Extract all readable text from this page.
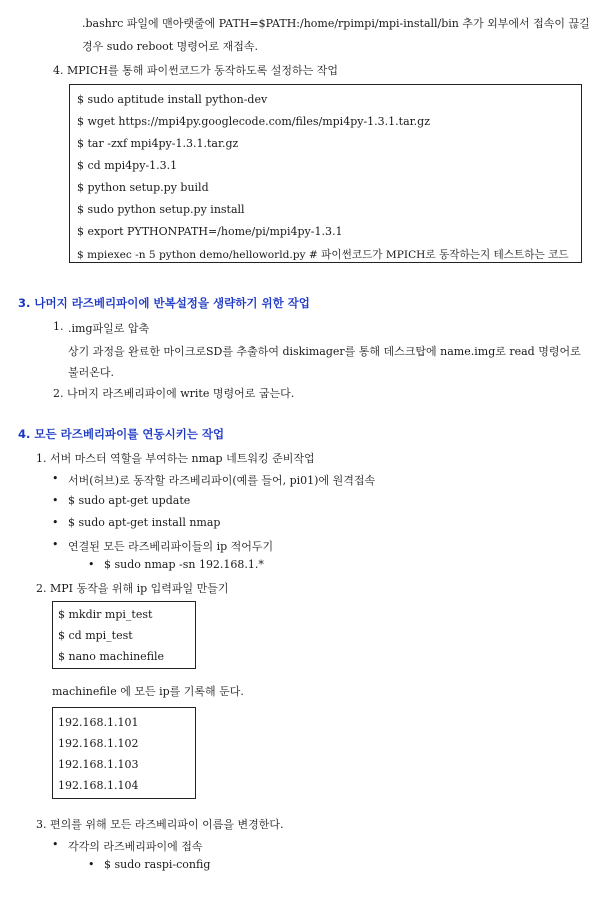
.bashrc 파일에 맨아랫줄에 PATH=$PATH:/home/rpimpi/mpi-install/bin 추가 외부에서 접속이 끊길
경우 sudo reboot 명령어로 재접속.
4. MPICH를 통해 파이썬코드가 동작하도록 설정하는 작업
$ sudo aptitude install python-dev
$ wget https://mpi4py.googlecode.com/files/mpi4py-1.3.1.tar.gz
$ tar -zxf mpi4py-1.3.1.tar.gz
$ cd mpi4py-1.3.1
$ python setup.py build
$ sudo python setup.py install
$ export PYTHONPATH=/home/pi/mpi4py-1.3.1
$ mpiexec -n 5 python demo/helloworld.py # 파이썬코드가 MPICH로 동작하는지 테스트하는 코드
3. 나머지 라즈베리파이에 반복설정을 생략하기 위한 작업
1. .img파일로 압축
상기 과정을 완료한 마이크로SD를 추출하여 diskimager를 통해 데스크탑에 name.img로 read 명령어로
불러온다.
2. 나머지 라즈베리파이에 write 명령어로 굽는다.
4. 모든 라즈베리파이를 연동시키는 작업
1. 서버 마스터 역할을 부여하는 nmap 네트워킹 준비작업
• 서버(허브)로 동작할 라즈베리파이(예를 들어, pi01)에 원격접속
• $ sudo apt-get update
• $ sudo apt-get install nmap
• 연결된 모든 라즈베리파이들의 ip 적어두기
• $ sudo nmap -sn 192.168.1.*
2. MPI 동작을 위해 ip 입력파일 만들기
$ mkdir mpi_test
$ cd mpi_test
$ nano machinefile
machinefile 에 모든 ip를 기록해 둔다.
192.168.1.101
192.168.1.102
192.168.1.103
192.168.1.104
3. 편의를 위해 모든 라즈베리파이 이름을 변경한다.
• 각각의 라즈베리파이에 접속
• $ sudo raspi-config
